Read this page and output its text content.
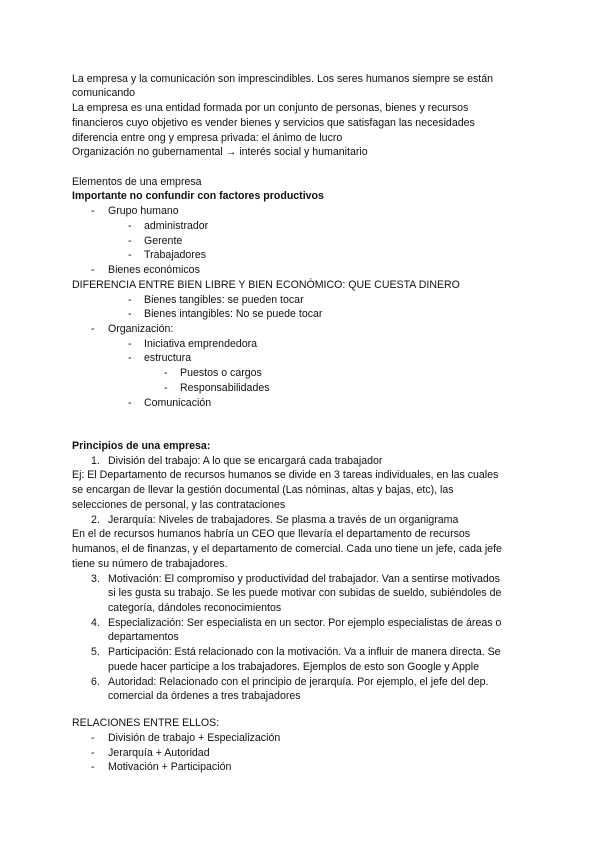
La empresa y la comunicación son imprescindibles. Los seres humanos siempre se están
comunicando
La empresa es una entidad formada por un conjunto de personas, bienes y recursos
financieros cuyo objetivo es vender bienes y servicios que satisfagan las necesidades
diferencia entre ong y empresa privada: el ánimo de lucro
Organización no gubernamental → interés social y humanitario
Elementos de una empresa
Importante no confundir con factores productivos
- Grupo humano
- administrador
- Gerente
- Trabajadores
- Bienes económicos
DIFERENCIA ENTRE BIEN LIBRE Y BIEN ECONÓMICO: QUE CUESTA DINERO
- Bienes tangibles: se pueden tocar
- Bienes intangibles: No se puede tocar
- Organización:
- Iniciativa emprendedora
- estructura
- Puestos o cargos
- Responsabilidades
- Comunicación
Principios de una empresa:
1. División del trabajo: A lo que se encargará cada trabajador
Ej: El Departamento de recursos humanos se divide en 3 tareas individuales, en las cuales
se encargan de llevar la gestión documental (Las nóminas, altas y bajas, etc), las
selecciones de personal, y las contrataciones
2. Jerarquía: Niveles de trabajadores. Se plasma a través de un organigrama
En el de recursos humanos habría un CEO que llevaría el departamento de recursos
humanos, el de finanzas, y el departamento de comercial. Cada uno tiene un jefe, cada jefe
tiene su número de trabajadores.
3. Motivación: El compromiso y productividad del trabajador. Van a sentirse motivados
si les gusta su trabajo. Se les puede motivar con subidas de sueldo, subiéndoles de
categoría, dándoles reconocimientos
4. Especialización: Ser especialista en un sector. Por ejemplo especialistas de áreas o
departamentos
5. Participación: Está relacionado con la motivación. Va a influir de manera directa. Se
puede hacer participe a los trabajadores. Ejemplos de esto son Google y Apple
6. Autoridad: Relacionado con el principio de jerarquía. Por ejemplo, el jefe del dep.
comercial da órdenes a tres trabajadores
RELACIONES ENTRE ELLOS:
- División de trabajo + Especialización
- Jerarquía + Autoridad
- Motivación + Participación
